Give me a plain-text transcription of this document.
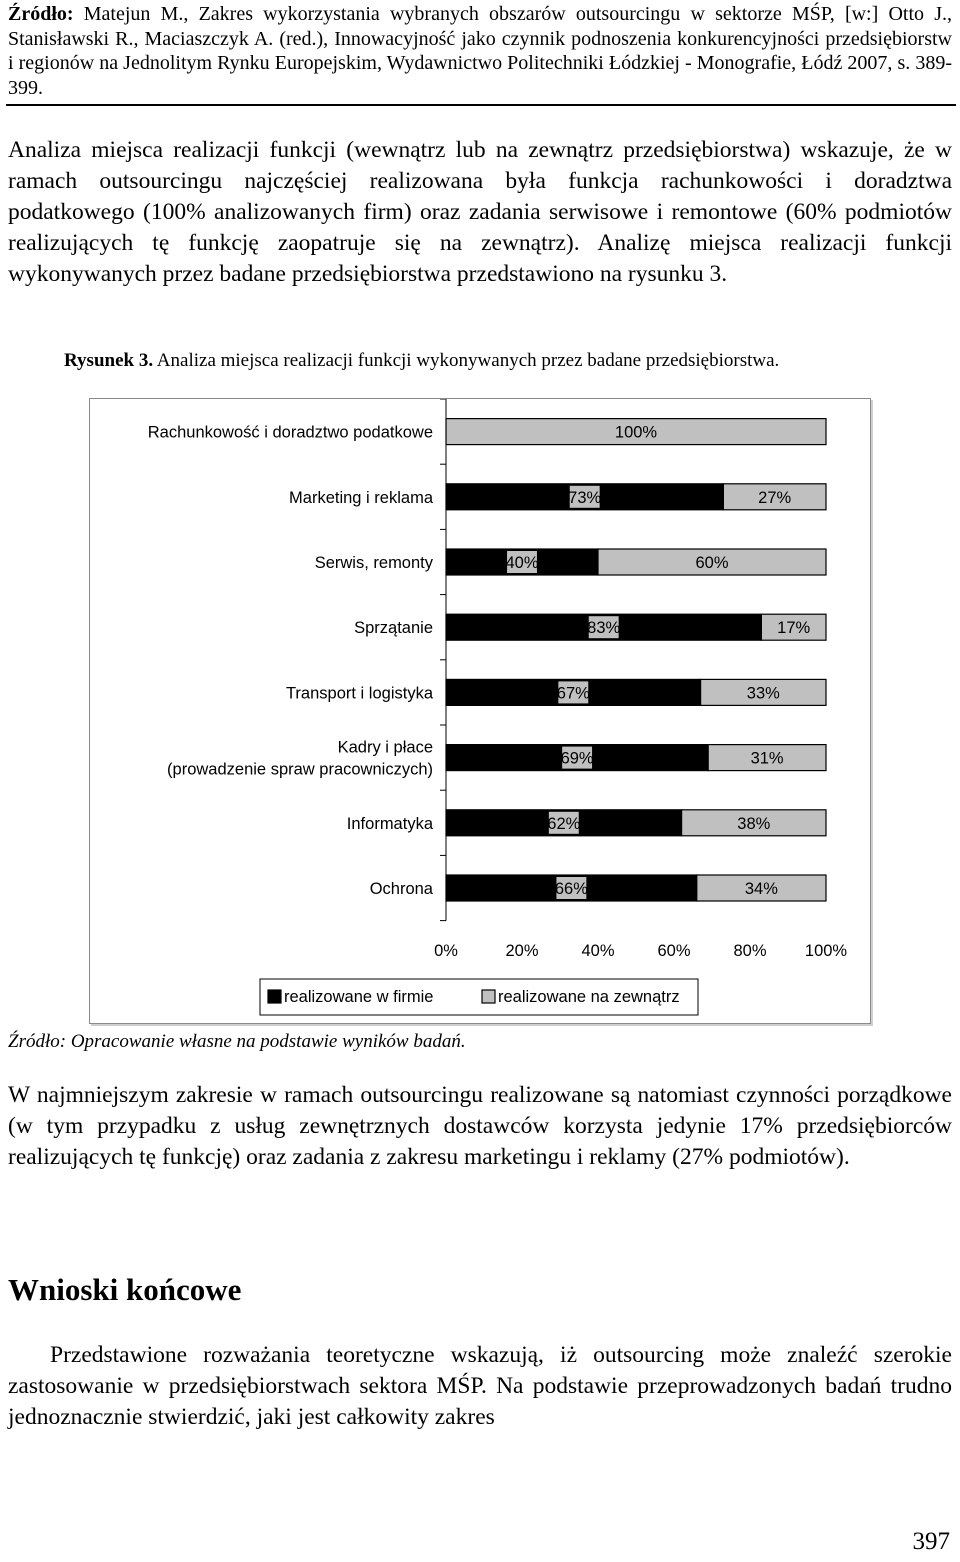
Źródło: Matejun M., Zakres wykorzystania wybranych obszarów outsourcingu w sektorze MŚP, [w:] Otto J., Stanisławski R., Maciaszczyk A. (red.), Innowacyjność jako czynnik podnoszenia konkurencyjności przedsiębiorstw i regionów na Jednolitym Rynku Europejskim, Wydawnictwo Politechniki Łódzkiej - Monografie, Łódź 2007, s. 389-399.
Analiza miejsca realizacji funkcji (wewnątrz lub na zewnątrz przedsiębiorstwa) wskazuje, że w ramach outsourcingu najczęściej realizowana była funkcja rachunkowości i doradztwa podatkowego (100% analizowanych firm) oraz zadania serwisowe i remontowe (60% podmiotów realizujących tę funkcję zaopatruje się na zewnątrz). Analizę miejsca realizacji funkcji wykonywanych przez badane przedsiębiorstwa przedstawiono na rysunku 3.
Rysunek 3. Analiza miejsca realizacji funkcji wykonywanych przez badane przedsiębiorstwa.
Rachunkowość i doradztwo podatkowe	100%
Marketing i reklama	73%	27%
Serwis, remonty	40%	60%
Sprzątanie	83%	17%
Transport i logistyka	67%	33%
Kadry i płace
(prowadzenie spraw pracowniczych)
69%	31%
Informatyka	62%	38%
Ochrona	66%	34%
0%	20%	40%	60%	80% 100%
realizowane w firmie	realizowane na zewnątrz
Źródło: Opracowanie własne na podstawie wyników badań.
W najmniejszym zakresie w ramach outsourcingu realizowane są natomiast czynności porządkowe (w tym przypadku z usług zewnętrznych dostawców korzysta jedynie 17% przedsiębiorców realizujących tę funkcję) oraz zadania z zakresu marketingu i reklamy (27% podmiotów).
Wnioski końcowe
Przedstawione rozważania teoretyczne wskazują, iż outsourcing może znaleźć szerokie zastosowanie w przedsiębiorstwach sektora MŚP. Na podstawie przeprowadzonych badań trudno jednoznacznie stwierdzić, jaki jest całkowity zakres
397
